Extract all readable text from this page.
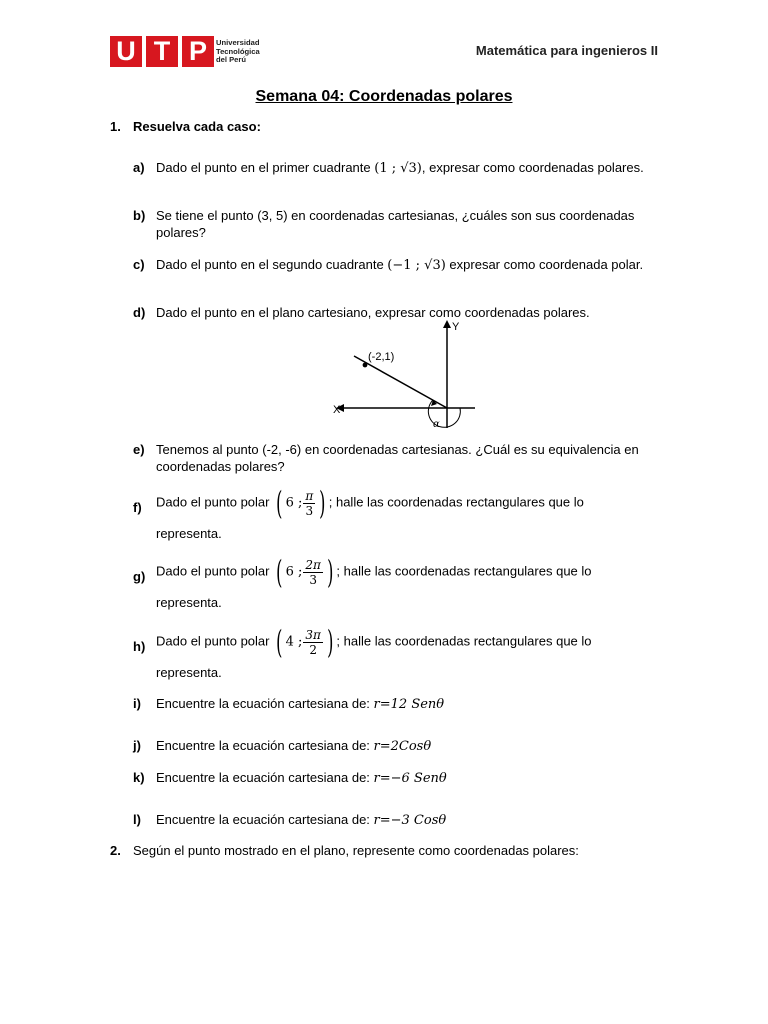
U T P	Universidad
Tecnológica
del Perú
Matemática para ingenieros II
Semana 04: Coordenadas polares
1. Resuelva cada caso:
a) Dado el punto en el primer cuadrante (1 ; √3), expresar como coordenadas polares.
b) Se tiene el punto (3, 5) en coordenadas cartesianas, ¿cuáles son sus coordenadas polares?
c) Dado el punto en el segundo cuadrante (−1 ; √3) expresar como coordenada polar.
d) Dado el punto en el plano cartesiano, expresar como coordenadas polares.
(-2,1)
X
Y
α
e) Tenemos al punto (-2, -6) en coordenadas cartesianas. ¿Cuál es su equivalencia en coordenadas polares?
f) Dado el punto polar ( 6 ; $\frac{\pi}{3}$ ) ; halle las coordenadas rectangulares que lo
representa.
g) Dado el punto polar ( 6 ; $\frac{2\pi}{3}$ ) ; halle las coordenadas rectangulares que lo
representa.
h) Dado el punto polar ( 4 ; $\frac{3\pi}{2}$ ) ; halle las coordenadas rectangulares que lo
representa.
i) Encuentre la ecuación cartesiana de: r=12 Senθ
j) Encuentre la ecuación cartesiana de: r=2Cosθ
k) Encuentre la ecuación cartesiana de: r=−6 Senθ
l) Encuentre la ecuación cartesiana de: r=−3 Cosθ
2. Según el punto mostrado en el plano, represente como coordenadas polares:
